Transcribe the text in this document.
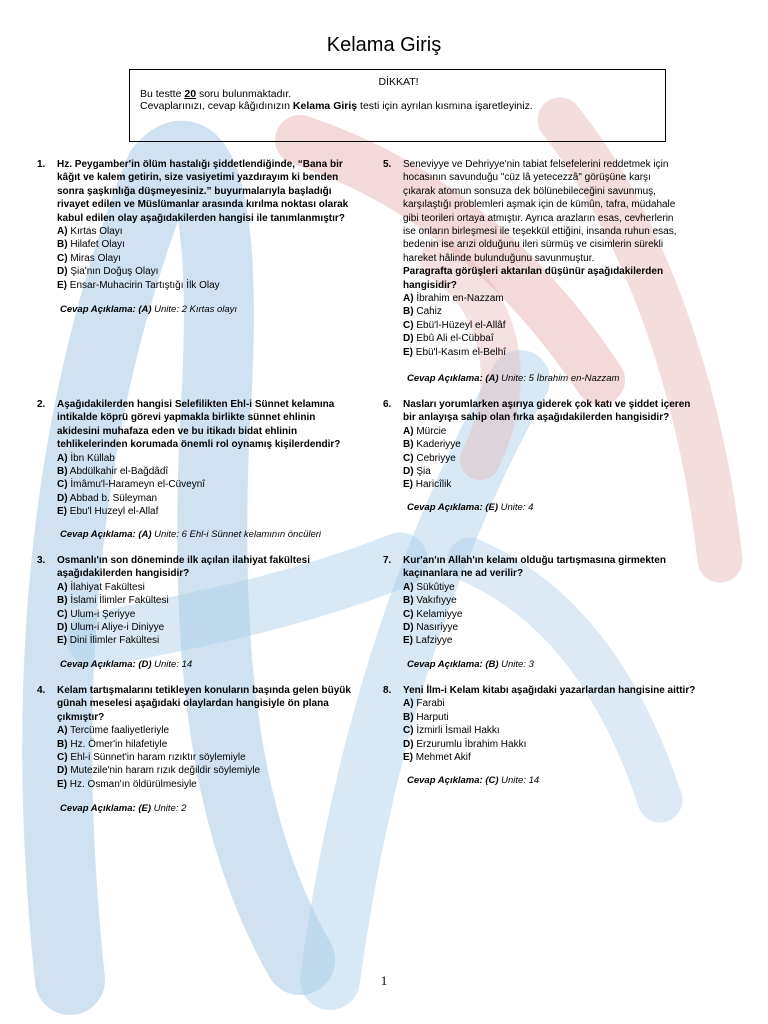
Kelama Giriş
DİKKAT!
Bu testte 20 soru bulunmaktadır.
Cevaplarınızı, cevap kâğıdınızın Kelama Giriş testi için ayrılan kısmına işaretleyiniz.
1. Hz. Peygamber'in ölüm hastalığı şiddetlendiğinde, “Bana bir
kâğıt ve kalem getirin, size vasiyetimi yazdırayım ki benden
sonra şaşkınlığa düşmeyesiniz.” buyurmalarıyla başladığı
rivayet edilen ve Müslümanlar arasında kırılma noktası olarak
kabul edilen olay aşağıdakilerden hangisi ile tanımlanmıştır?
A) Kırtas Olayı
B) Hilafet Olayı
C) Miras Olayı
D) Şia'nın Doğuş Olayı
E) Ensar-Muhacirin Tartıştığı İlk Olay
Cevap Açıklama: (A) Unite: 2 Kırtas olayı
2. Aşağıdakilerden hangisi Selefilikten Ehl-i Sünnet kelamına
intikalde köprü görevi yapmakla birlikte sünnet ehlinin
akidesini muhafaza eden ve bu itikadı bidat ehlinin
tehlikelerinden korumada önemli rol oynamış kişilerdendir?
A) İbn Küllab
B) Abdülkahir el-Bağdâdî
C) İmâmu'l-Harameyn el-Cüveynî
D) Abbad b. Süleyman
E) Ebu'l Huzeyl el-Allaf
Cevap Açıklama: (A) Unite: 6 Ehl-i Sünnet kelamının öncüleri
3. Osmanlı'ın son döneminde ilk açılan ilahiyat fakültesi
aşağıdakilerden hangisidir?
A) İlahiyat Fakültesi
B) İslami İlimler Fakültesi
C) Ulum-i Şeriyye
D) Ulum-i Aliye-i Diniyye
E) Dini İlimler Fakültesi
Cevap Açıklama: (D) Unite: 14
4. Kelam tartışmalarını tetikleyen konuların başında gelen büyük
günah meselesi aşağıdaki olaylardan hangisiyle ön plana
çıkmıştır?
A) Tercüme faaliyetleriyle
B) Hz. Ömer'in hilafetiyle
C) Ehl-i Sünnet'in haram rızıktır söylemiyle
D) Mutezile'nin haram rızık değildir söylemiyle
E) Hz. Osman'ın öldürülmesiyle
Cevap Açıklama: (E) Unite: 2
5. Seneviyye ve Dehriyye'nin tabiat felsefelerini reddetmek için
hocasının savunduğu "cüz lâ yetecezzâ" görüşüne karşı
çıkarak atomun sonsuza dek bölünebileceğini savunmuş,
karşılaştığı problemleri aşmak için de kümûn, tafra, müdahale
gibi teorileri ortaya atmıştır. Ayrıca arazların esas, cevherlerin
ise onların birleşmesi ile teşekkül ettiğini, insanda ruhun esas,
bedenin ise arızi olduğunu ileri sürmüş ve cisimlerin sürekli
hareket hâlinde bulunduğunu savunmuştur.
Paragrafta görüşleri aktarılan düşünür aşağıdakilerden
hangisidir?
A) İbrahim en-Nazzam
B) Cahiz
C) Ebü'l-Hüzeyl el-Allâf
D) Ebû Ali el-Cübbaî
E) Ebü'l-Kasım el-Belhî
Cevap Açıklama: (A) Unite: 5 İbrahim en-Nazzam
6. Nasları yorumlarken aşırıya giderek çok katı ve şiddet içeren
bir anlayışa sahip olan fırka aşağıdakilerden hangisidir?
A) Mürcie
B) Kaderiyye
C) Cebriyye
D) Şia
E) Haricîlik
Cevap Açıklama: (E) Unite: 4
7. Kur'an'ın Allah'ın kelamı olduğu tartışmasına girmekten
kaçınanlara ne ad verilir?
A) Sükûtiye
B) Vakıfıyye
C) Kelamiyye
D) Nasıriyye
E) Lafziyye
Cevap Açıklama: (B) Unite: 3
8. Yeni İlm-i Kelam kitabı aşağıdaki yazarlardan hangisine aittir?
A) Farabi
B) Harputi
C) İzmirli İsmail Hakkı
D) Erzurumlu İbrahim Hakkı
E) Mehmet Akif
Cevap Açıklama: (C) Unite: 14
1
